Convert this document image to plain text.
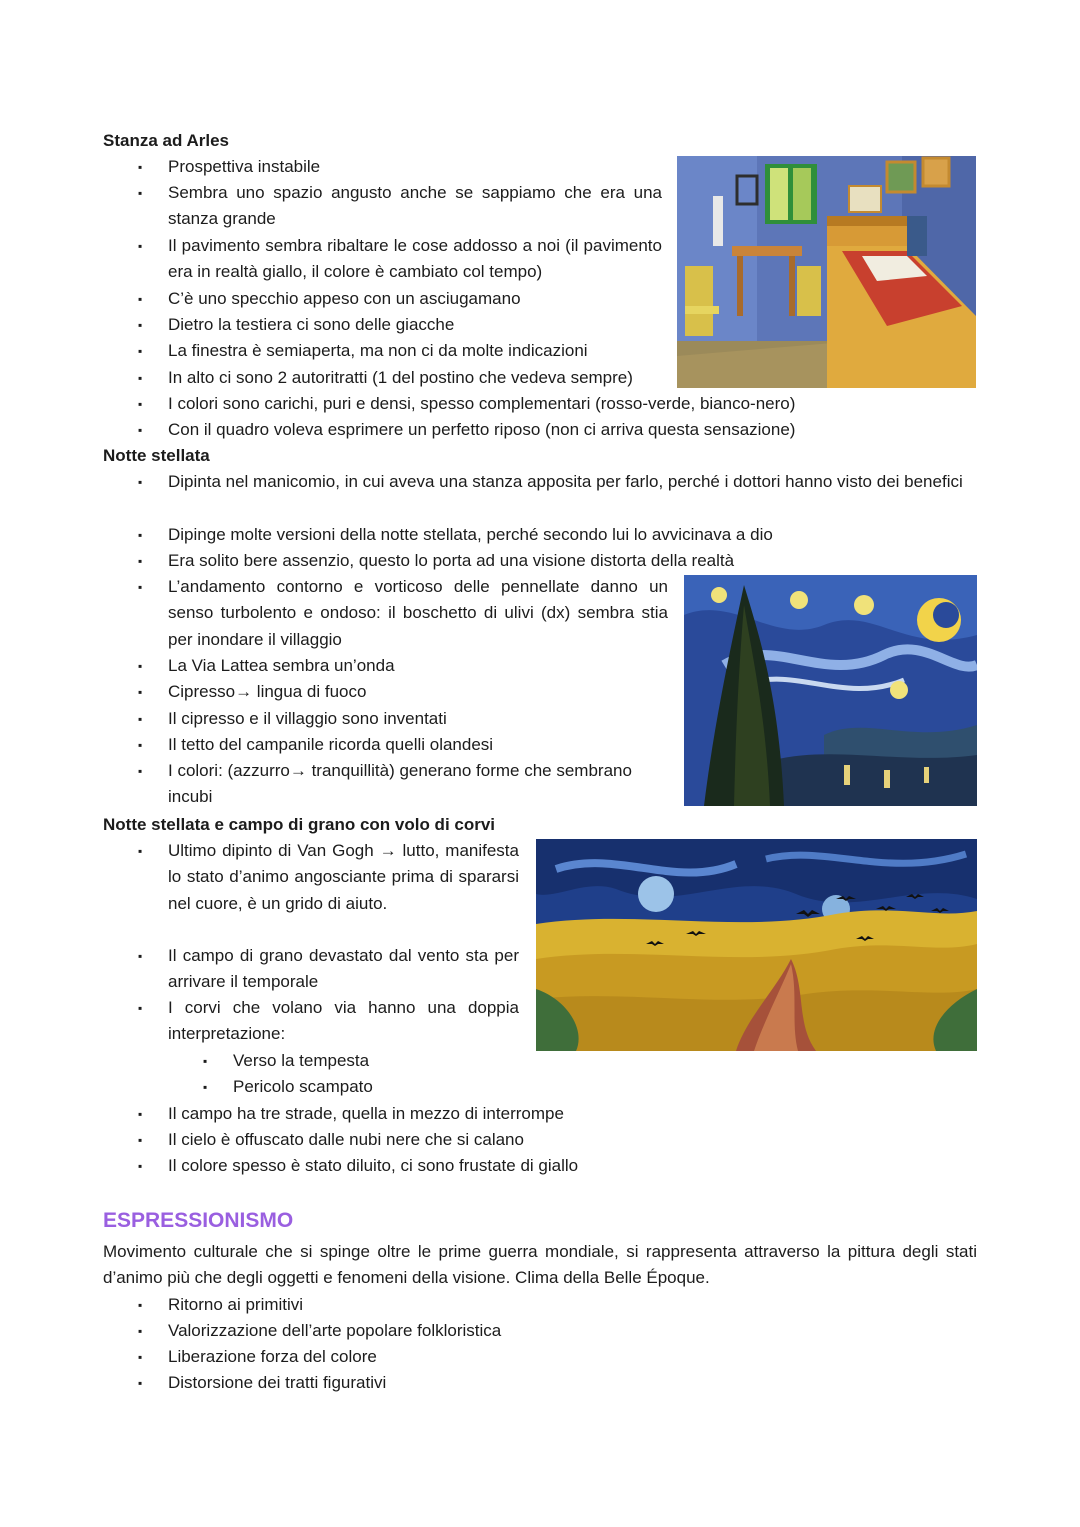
Stanza ad Arles
▪ Prospettiva instabile
▪ Sembra uno spazio angusto anche se sappiamo che era una stanza grande
▪ Il pavimento sembra ribaltare le cose addosso a noi (il pavimento era in realtà giallo, il colore è cambiato col tempo)
▪ C’è uno specchio appeso con un asciugamano
▪ Dietro la testiera ci sono delle giacche
▪ La finestra è semiaperta, ma non ci da molte indicazioni
▪ In alto ci sono 2 autoritratti (1 del postino che vedeva sempre)
▪ I colori sono carichi, puri e densi, spesso complementari (rosso-verde, bianco-nero)
▪ Con il quadro voleva esprimere un perfetto riposo (non ci arriva questa sensazione)
Notte stellata
▪ Dipinta nel manicomio, in cui aveva una stanza apposita per farlo, perché i dottori hanno visto dei benefici
▪ Dipinge molte versioni della notte stellata, perché secondo lui lo avvicinava a dio
▪ Era solito bere assenzio, questo lo porta ad una visione distorta della realtà
▪ L’andamento contorno e vorticoso delle pennellate danno un senso turbolento e ondoso: il boschetto di ulivi (dx) sembra stia per inondare il villaggio
▪ La Via Lattea sembra un’onda
▪ Cipresso→ lingua di fuoco
▪ Il cipresso e il villaggio sono inventati
▪ Il tetto del campanile ricorda quelli olandesi
▪ I colori: (azzurro→ tranquillità) generano forme che sembrano incubi
Notte stellata e campo di grano con volo di corvi
▪ Ultimo dipinto di Van Gogh → lutto, manifesta lo stato d’animo angosciante prima di spararsi nel cuore, è un grido di aiuto.
▪ Il campo di grano devastato dal vento sta per arrivare il temporale
▪ I corvi che volano via hanno una doppia interpretazione:
▪ Verso la tempesta
▪ Pericolo scampato
▪ Il campo ha tre strade, quella in mezzo di interrompe
▪ Il cielo è offuscato dalle nubi nere che si calano
▪ Il colore spesso è stato diluito, ci sono frustate di giallo
ESPRESSIONISMO
Movimento culturale che si spinge oltre le prime guerra mondiale, si rappresenta attraverso la pittura degli stati d’animo più che degli oggetti e fenomeni della visione. Clima della Belle Époque.
▪ Ritorno ai primitivi
▪ Valorizzazione dell’arte popolare folkloristica
▪ Liberazione forza del colore
▪ Distorsione dei tratti figurativi
